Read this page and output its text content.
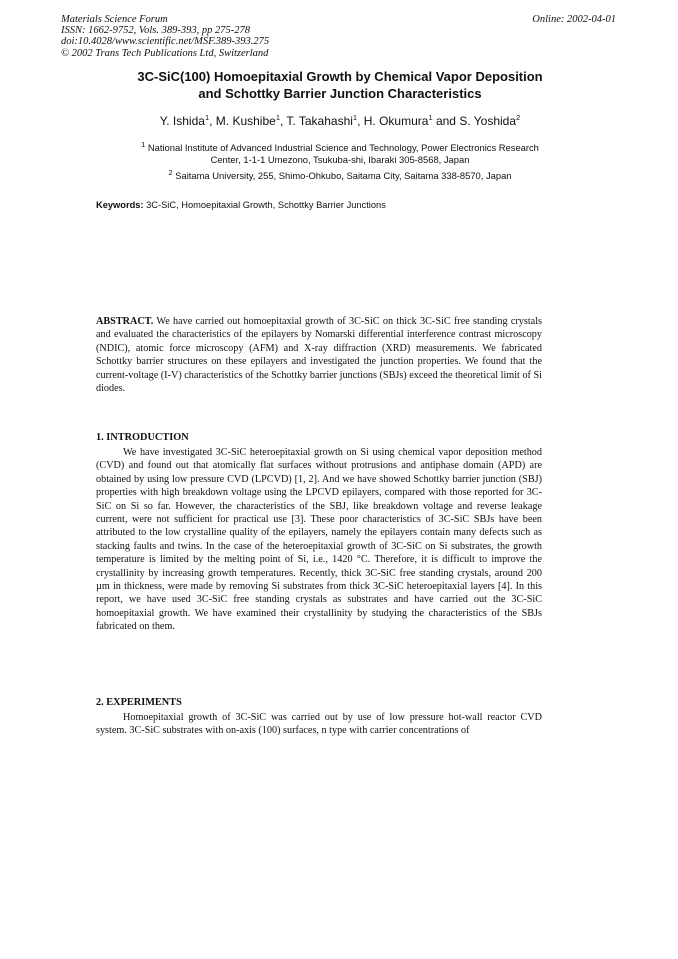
Materials Science Forum
ISSN: 1662-9752, Vols. 389-393, pp 275-278
doi:10.4028/www.scientific.net/MSF.389-393.275
© 2002 Trans Tech Publications Ltd, Switzerland
Online: 2002-04-01
3C-SiC(100) Homoepitaxial Growth by Chemical Vapor Deposition
and Schottky Barrier Junction Characteristics

Y. Ishida$^1$, M. Kushibe$^1$, T. Takahashi$^1$, H. Okumura$^1$ and S. Yoshida$^2$

$^1$ National Institute of Advanced Industrial Science and Technology, Power Electronics Research
Center, 1-1-1 Umezono, Tsukuba-shi, Ibaraki 305-8568, Japan

$^2$ Saitama University, 255, Shimo-Ohkubo, Saitama City, Saitama 338-8570, Japan

Keywords: 3C-SiC, Homoepitaxial Growth, Schottky Barrier Junctions

ABSTRACT. We have carried out homoepitaxial growth of 3C-SiC on thick 3C-SiC free standing crystals and evaluated the characteristics of the epilayers by Nomarski differential interference contrast microscopy (NDIC), atomic force microscopy (AFM) and X-ray diffraction (XRD) measurements. We fabricated Schottky barrier structures on these epilayers and investigated the junction properties. We found that the current-voltage (I-V) characteristics of the Schottky barrier junctions (SBJs) exceed the theoretical limit of Si diodes.

1. INTRODUCTION

We have investigated 3C-SiC heteroepitaxial growth on Si using chemical vapor deposition method (CVD) and found out that atomically flat surfaces without protrusions and antiphase domain (APD) are obtained by using low pressure CVD (LPCVD) [1, 2]. And we have showed Schottky barrier junction (SBJ) properties with high breakdown voltage using the LPCVD epilayers, compared with those reported for 3C-SiC on Si so far. However, the characteristics of the SBJ, like breakdown voltage and reverse leakage current, were not sufficient for practical use [3]. These poor characteristics of 3C-SiC SBJs have been attributed to the low crystalline quality of the epilayers, namely the epilayers contain many defects such as stacking faults and twins. In the case of the heteroepitaxial growth of 3C-SiC on Si substrates, the growth temperature is limited by the melting point of Si, i.e., 1420 °C. Therefore, it is difficult to improve the crystallinity by increasing growth temperatures. Recently, thick 3C-SiC free standing crystals, around 200 µm in thickness, were made by removing Si substrates from thick 3C-SiC heteroepitaxial layers [4]. In this report, we have used 3C-SiC free standing crystals as substrates and have carried out the 3C-SiC homoepitaxial growth. We have examined their crystallinity by studying the characteristics of the SBJs fabricated on them.

2. EXPERIMENTS

Homoepitaxial growth of 3C-SiC was carried out by use of low pressure hot-wall reactor CVD system. 3C-SiC substrates with on-axis (100) surfaces, n type with carrier concentrations of
